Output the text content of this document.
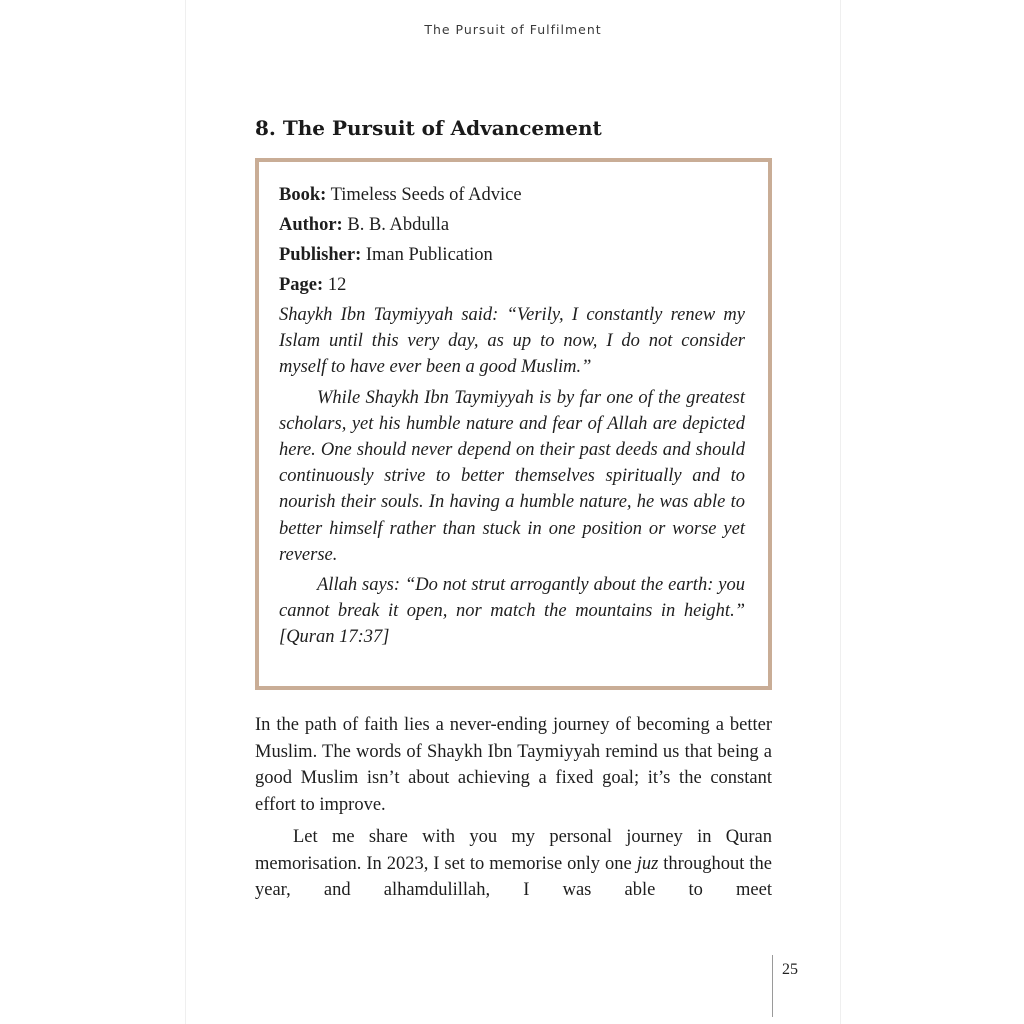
The Pursuit of Fulfilment
8. The Pursuit of Advancement

Book: Timeless Seeds of Advice

Author: B. B. Abdulla

Publisher: Iman Publication

Page: 12

Shaykh Ibn Taymiyyah said: “Verily, I constantly renew my Islam until this very day, as up to now, I do not consider myself to have ever been a good Muslim.”

While Shaykh Ibn Taymiyyah is by far one of the greatest scholars, yet his humble nature and fear of Allah are depicted here. One should never depend on their past deeds and should continuously strive to better themselves spiritually and to nourish their souls. In having a humble nature, he was able to better himself rather than stuck in one position or worse yet reverse.

Allah says: “Do not strut arrogantly about the earth: you cannot break it open, nor match the mountains in height.” [Quran 17:37]

In the path of faith lies a never-ending journey of becoming a better Muslim. The words of Shaykh Ibn Taymiyyah remind us that being a good Muslim isn’t about achieving a fixed goal; it’s the constant effort to improve.

Let me share with you my personal journey in Quran memorisation. In 2023, I set to memorise only one juz throughout the year, and alhamdulillah, I was able to meet

25
